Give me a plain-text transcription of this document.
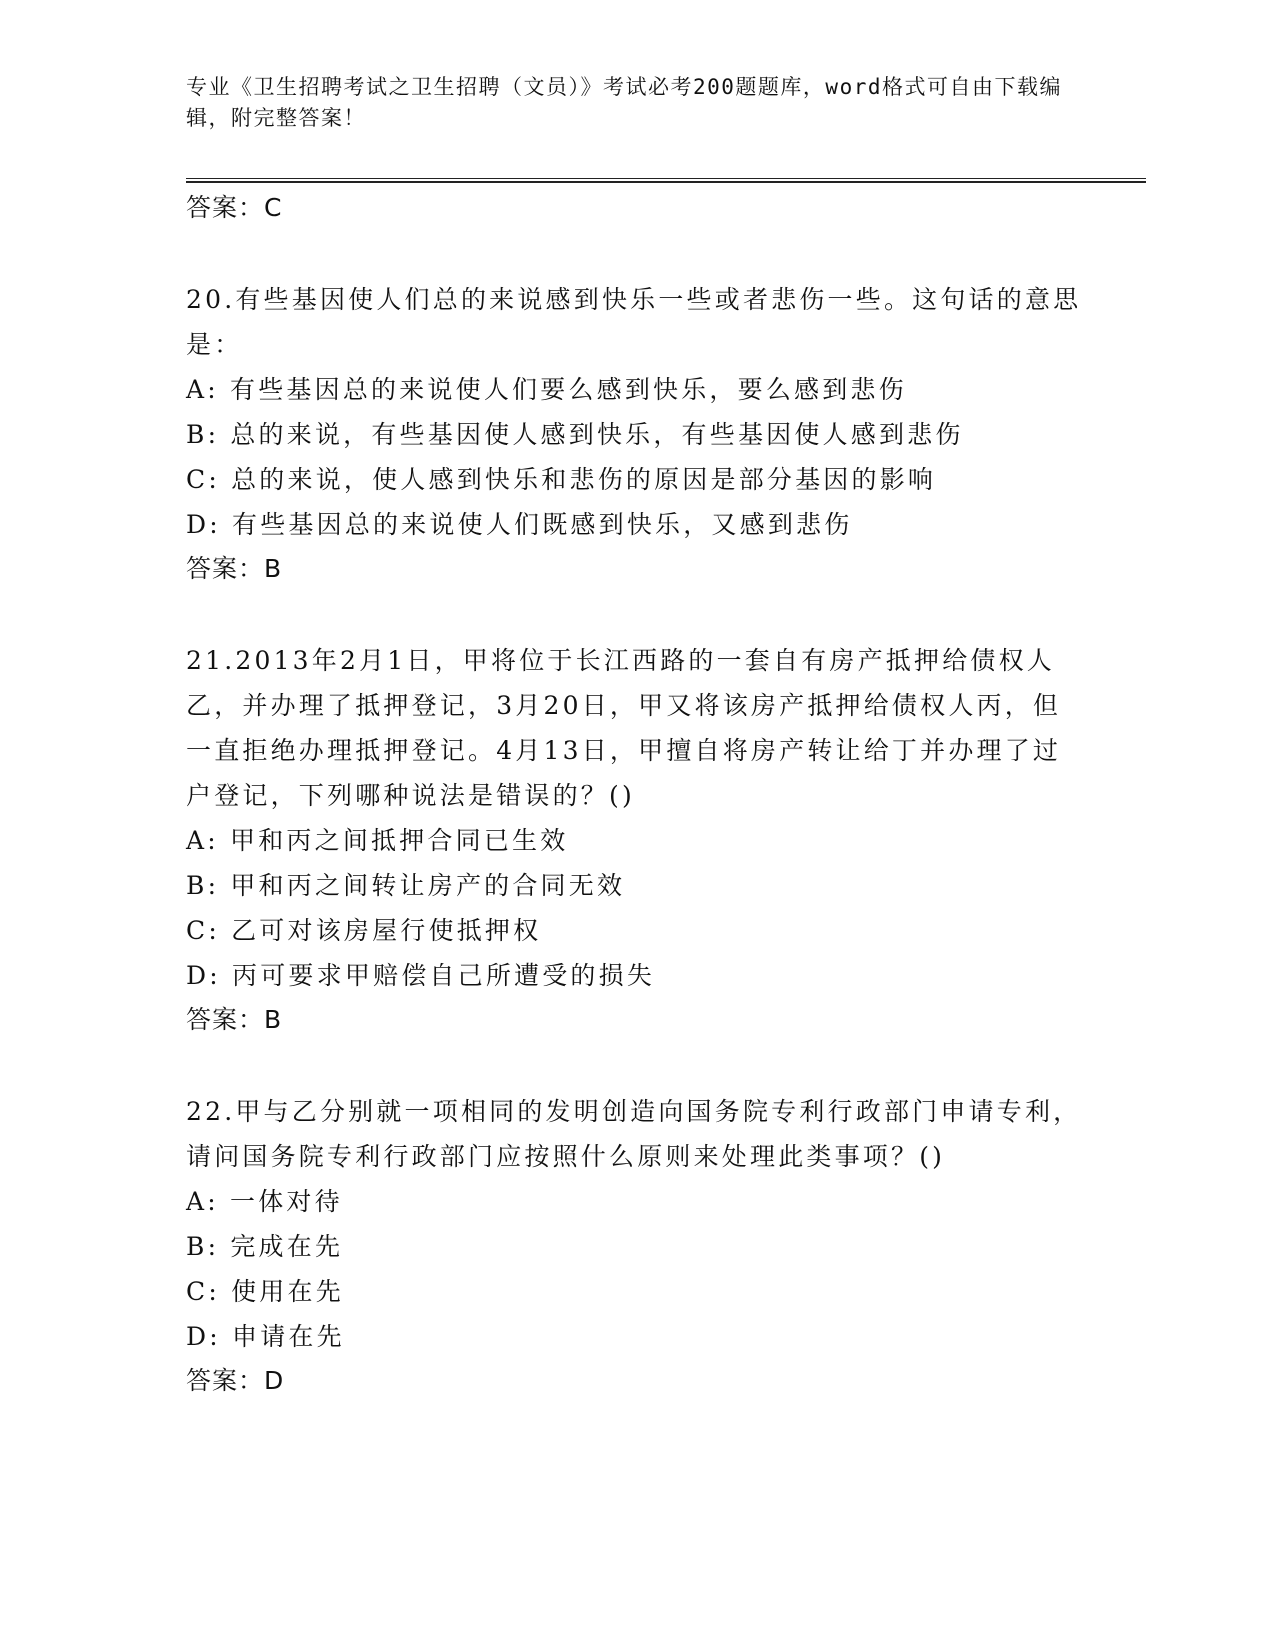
专业《卫生招聘考试之卫生招聘（文员）》考试必考200题题库，word格式可自由下载编辑，附完整答案！

答案：C

20.有些基因使人们总的来说感到快乐一些或者悲伤一些。这句话的意思是：

A: 有些基因总的来说使人们要么感到快乐，要么感到悲伤

B: 总的来说，有些基因使人感到快乐，有些基因使人感到悲伤

C: 总的来说，使人感到快乐和悲伤的原因是部分基因的影响

D: 有些基因总的来说使人们既感到快乐，又感到悲伤

答案：B

21.2013年2月1日，甲将位于长江西路的一套自有房产抵押给债权人乙，并办理了抵押登记，3月20日，甲又将该房产抵押给债权人丙，但一直拒绝办理抵押登记。4月13日，甲擅自将房产转让给丁并办理了过户登记，下列哪种说法是错误的？()

A: 甲和丙之间抵押合同已生效

B: 甲和丙之间转让房产的合同无效

C: 乙可对该房屋行使抵押权

D: 丙可要求甲赔偿自己所遭受的损失

答案：B

22.甲与乙分别就一项相同的发明创造向国务院专利行政部门申请专利，请问国务院专利行政部门应按照什么原则来处理此类事项？()

A: 一体对待

B: 完成在先

C: 使用在先

D: 申请在先

答案：D
